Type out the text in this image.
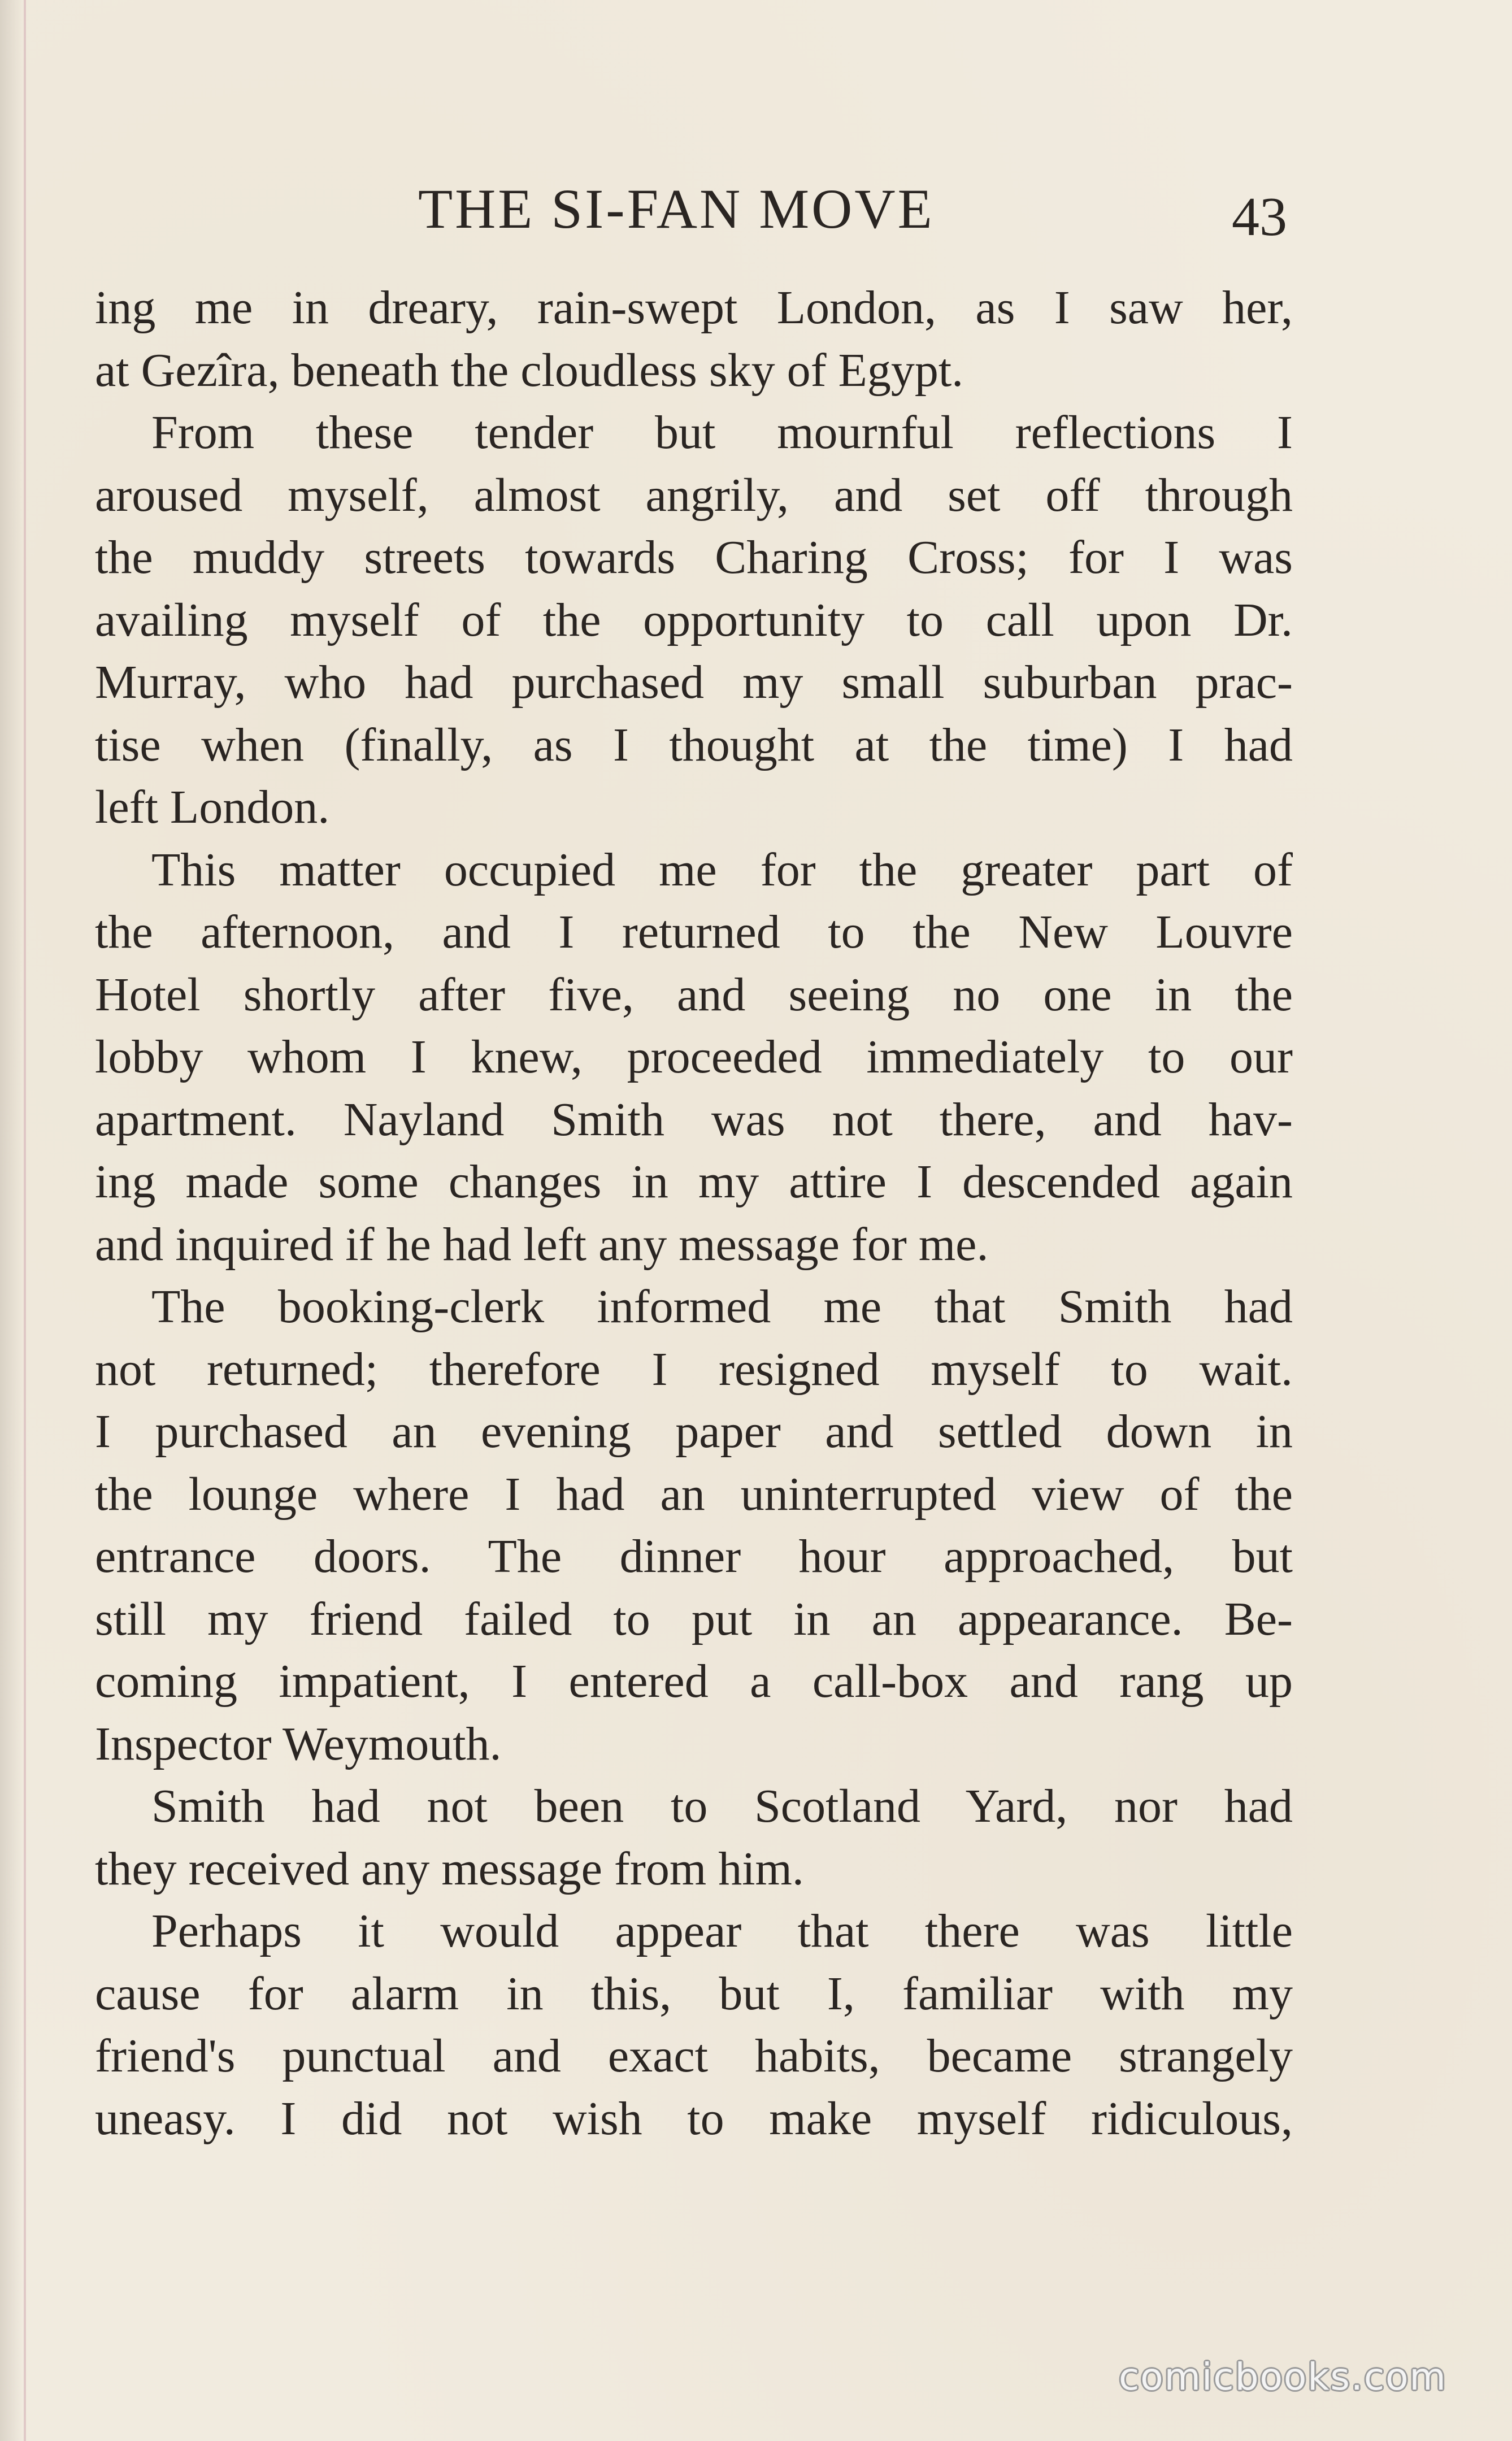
THE SI-FAN MOVE	43
ing me in dreary, rain-swept London, as I saw her,
at Gezîra, beneath the cloudless sky of Egypt.
From these tender but mournful reflections I
aroused myself, almost angrily, and set off through
the muddy streets towards Charing Cross; for I was
availing myself of the opportunity to call upon Dr.
Murray, who had purchased my small suburban prac-
tise when (finally, as I thought at the time) I had
left London.
This matter occupied me for the greater part of
the afternoon, and I returned to the New Louvre
Hotel shortly after five, and seeing no one in the
lobby whom I knew, proceeded immediately to our
apartment. Nayland Smith was not there, and hav-
ing made some changes in my attire I descended again
and inquired if he had left any message for me.
The booking-clerk informed me that Smith had
not returned; therefore I resigned myself to wait.
I purchased an evening paper and settled down in
the lounge where I had an uninterrupted view of the
entrance doors. The dinner hour approached, but
still my friend failed to put in an appearance. Be-
coming impatient, I entered a call-box and rang up
Inspector Weymouth.
Smith had not been to Scotland Yard, nor had
they received any message from him.
Perhaps it would appear that there was little
cause for alarm in this, but I, familiar with my
friend's punctual and exact habits, became strangely
uneasy. I did not wish to make myself ridiculous,
comicbooks.com
